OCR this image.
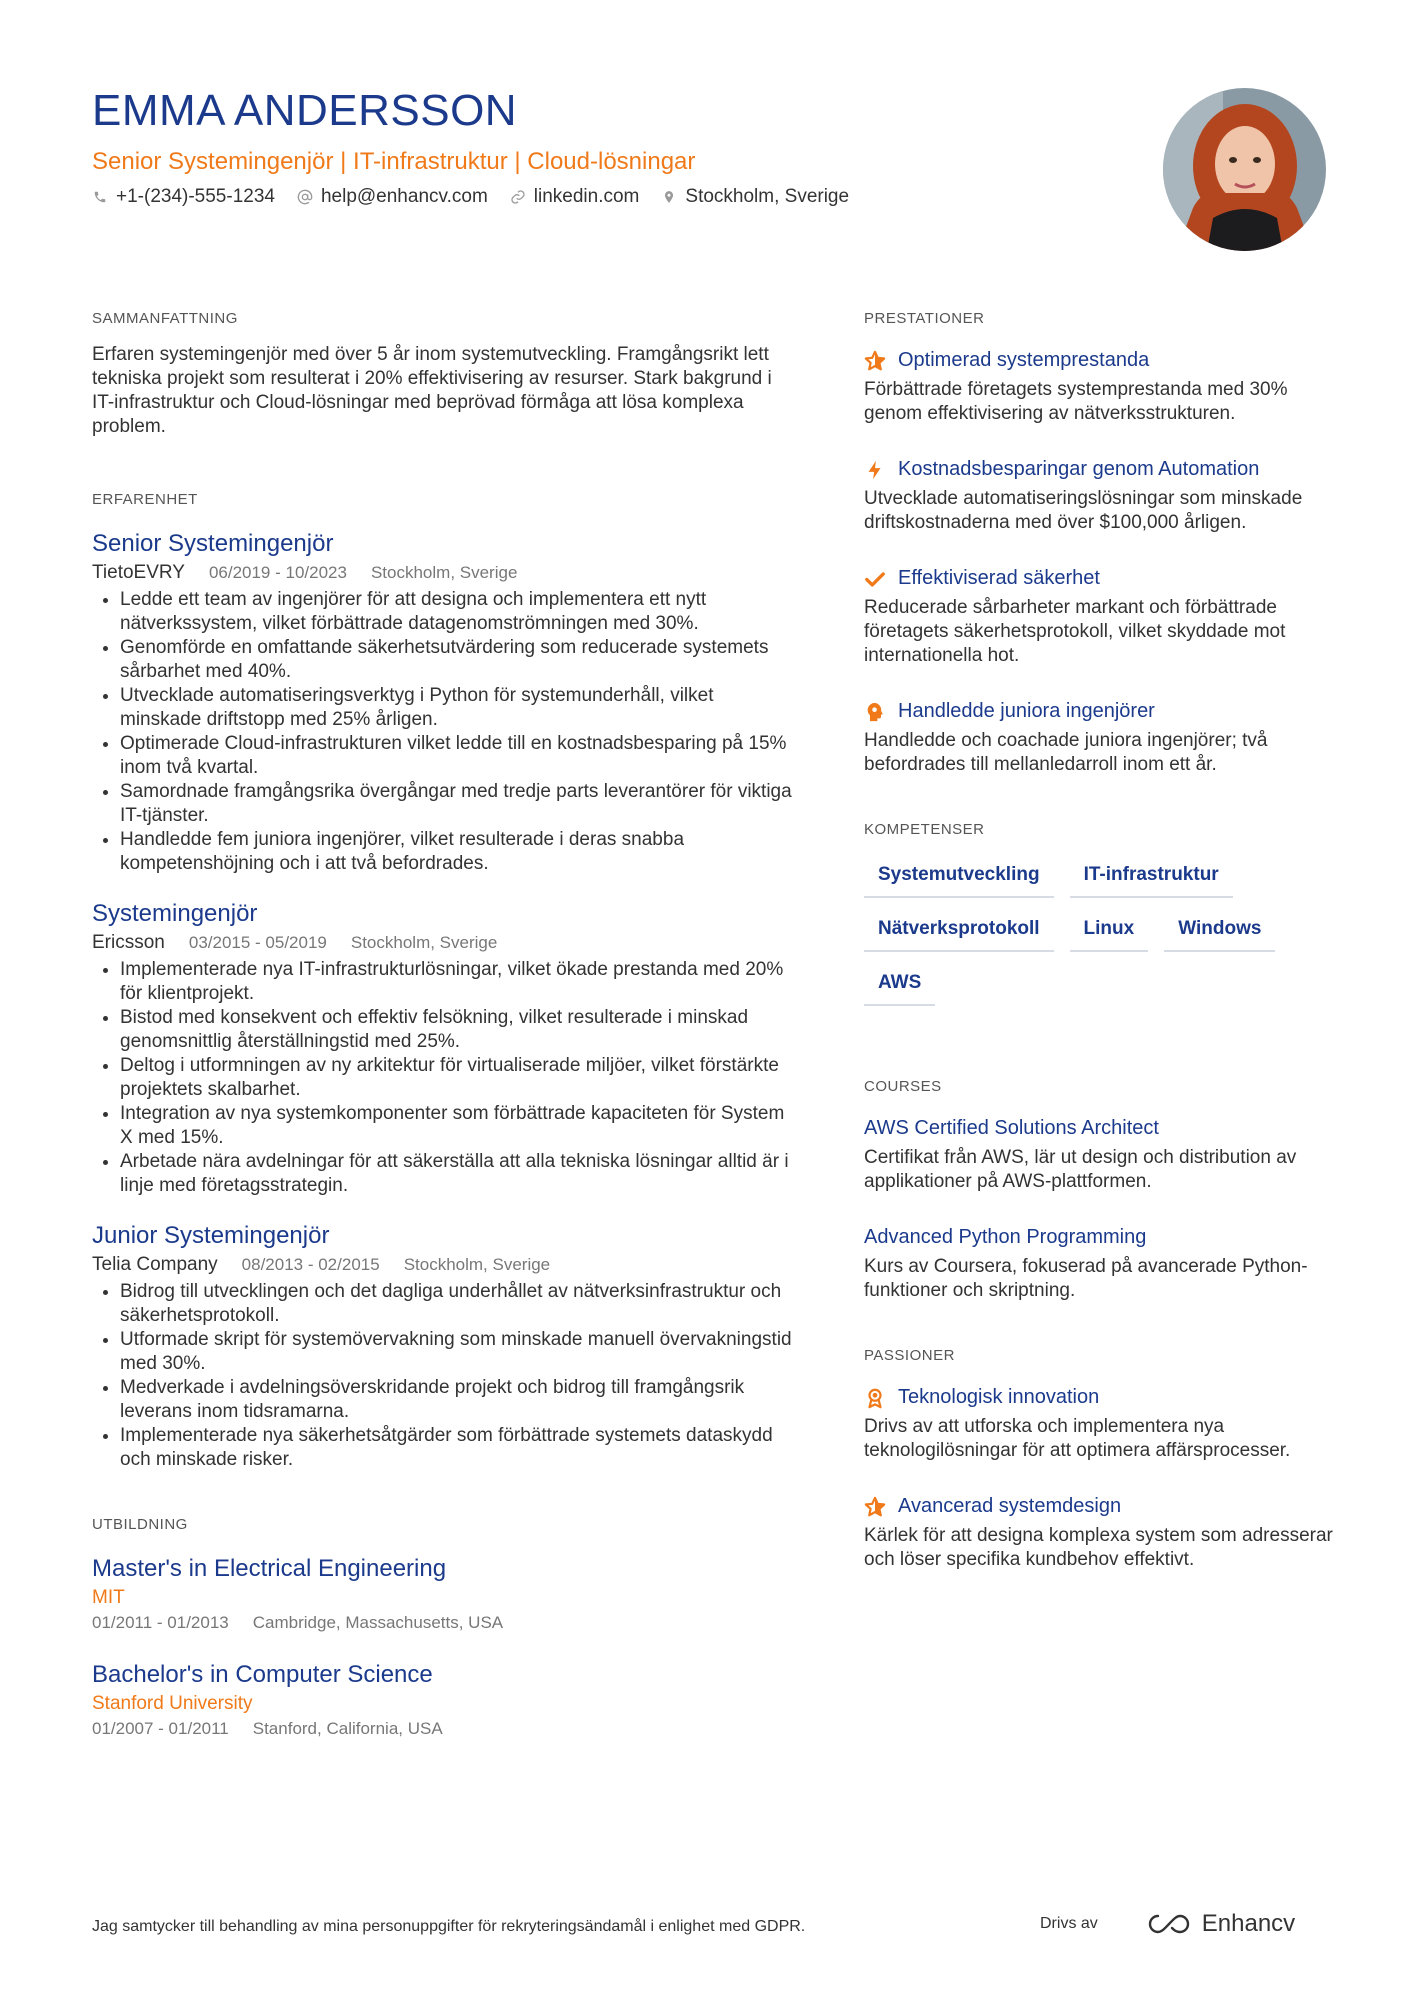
EMMA ANDERSSON
Senior Systemingenjör | IT-infrastruktur | Cloud-lösningar
+1-(234)-555-1234 help@enhancv.com linkedin.com Stockholm, Sverige
SAMMANFATTNING

Erfaren systemingenjör med över 5 år inom systemutveckling. Framgångsrikt lett tekniska projekt som resulterat i 20% effektivisering av resurser. Stark bakgrund i IT-infrastruktur och Cloud-lösningar med beprövad förmåga att lösa komplexa problem.

ERFARENHET
Senior Systemingenjör
TietoEVRY 06/2019 - 10/2023 Stockholm, Sverige
• Ledde ett team av ingenjörer för att designa och implementera ett nytt nätverkssystem, vilket förbättrade datagenomströmningen med 30%.
• Genomförde en omfattande säkerhetsutvärdering som reducerade systemets sårbarhet med 40%.
• Utvecklade automatiseringsverktyg i Python för systemunderhåll, vilket minskade driftstopp med 25% årligen.
• Optimerade Cloud-infrastrukturen vilket ledde till en kostnadsbesparing på 15% inom två kvartal.
• Samordnade framgångsrika övergångar med tredje parts leverantörer för viktiga IT-tjänster.
• Handledde fem juniora ingenjörer, vilket resulterade i deras snabba kompetenshöjning och i att två befordrades.
Systemingenjör
Ericsson 03/2015 - 05/2019 Stockholm, Sverige
• Implementerade nya IT-infrastrukturlösningar, vilket ökade prestanda med 20% för klientprojekt.
• Bistod med konsekvent och effektiv felsökning, vilket resulterade i minskad genomsnittlig återställningstid med 25%.
• Deltog i utformningen av ny arkitektur för virtualiserade miljöer, vilket förstärkte projektets skalbarhet.
• Integration av nya systemkomponenter som förbättrade kapaciteten för System X med 15%.
• Arbetade nära avdelningar för att säkerställa att alla tekniska lösningar alltid är i linje med företagsstrategin.
Junior Systemingenjör
Telia Company 08/2013 - 02/2015 Stockholm, Sverige
• Bidrog till utvecklingen och det dagliga underhållet av nätverksinfrastruktur och säkerhetsprotokoll.
• Utformade skript för systemövervakning som minskade manuell övervakningstid med 30%.
• Medverkade i avdelningsöverskridande projekt och bidrog till framgångsrik leverans inom tidsramarna.
• Implementerade nya säkerhetsåtgärder som förbättrade systemets dataskydd och minskade risker.
UTBILDNING
Master's in Electrical Engineering
MIT
01/2011 - 01/2013 Cambridge, Massachusetts, USA
Bachelor's in Computer Science
Stanford University
01/2007 - 01/2011 Stanford, California, USA
PRESTATIONER
Optimerad systemprestanda
Förbättrade företagets systemprestanda med 30% genom effektivisering av nätverksstrukturen.
Kostnadsbesparingar genom Automation
Utvecklade automatiseringslösningar som minskade driftskostnaderna med över $100,000 årligen.
Effektiviserad säkerhet
Reducerade sårbarheter markant och förbättrade företagets säkerhetsprotokoll, vilket skyddade mot internationella hot.
Handledde juniora ingenjörer
Handledde och coachade juniora ingenjörer; två befordrades till mellanledarroll inom ett år.
KOMPETENSER
Systemutveckling	IT-infrastruktur
Nätverksprotokoll	Linux	Windows
AWS
COURSES
AWS Certified Solutions Architect
Certifikat från AWS, lär ut design och distribution av applikationer på AWS-plattformen.
Advanced Python Programming
Kurs av Coursera, fokuserad på avancerade Python-funktioner och skriptning.
PASSIONER
Teknologisk innovation
Drivs av att utforska och implementera nya teknologilösningar för att optimera affärsprocesser.
Avancerad systemdesign
Kärlek för att designa komplexa system som adresserar och löser specifika kundbehov effektivt.
Jag samtycker till behandling av mina personuppgifter för rekryteringsändamål i enlighet med GDPR.	Drivs av	Enhancv
